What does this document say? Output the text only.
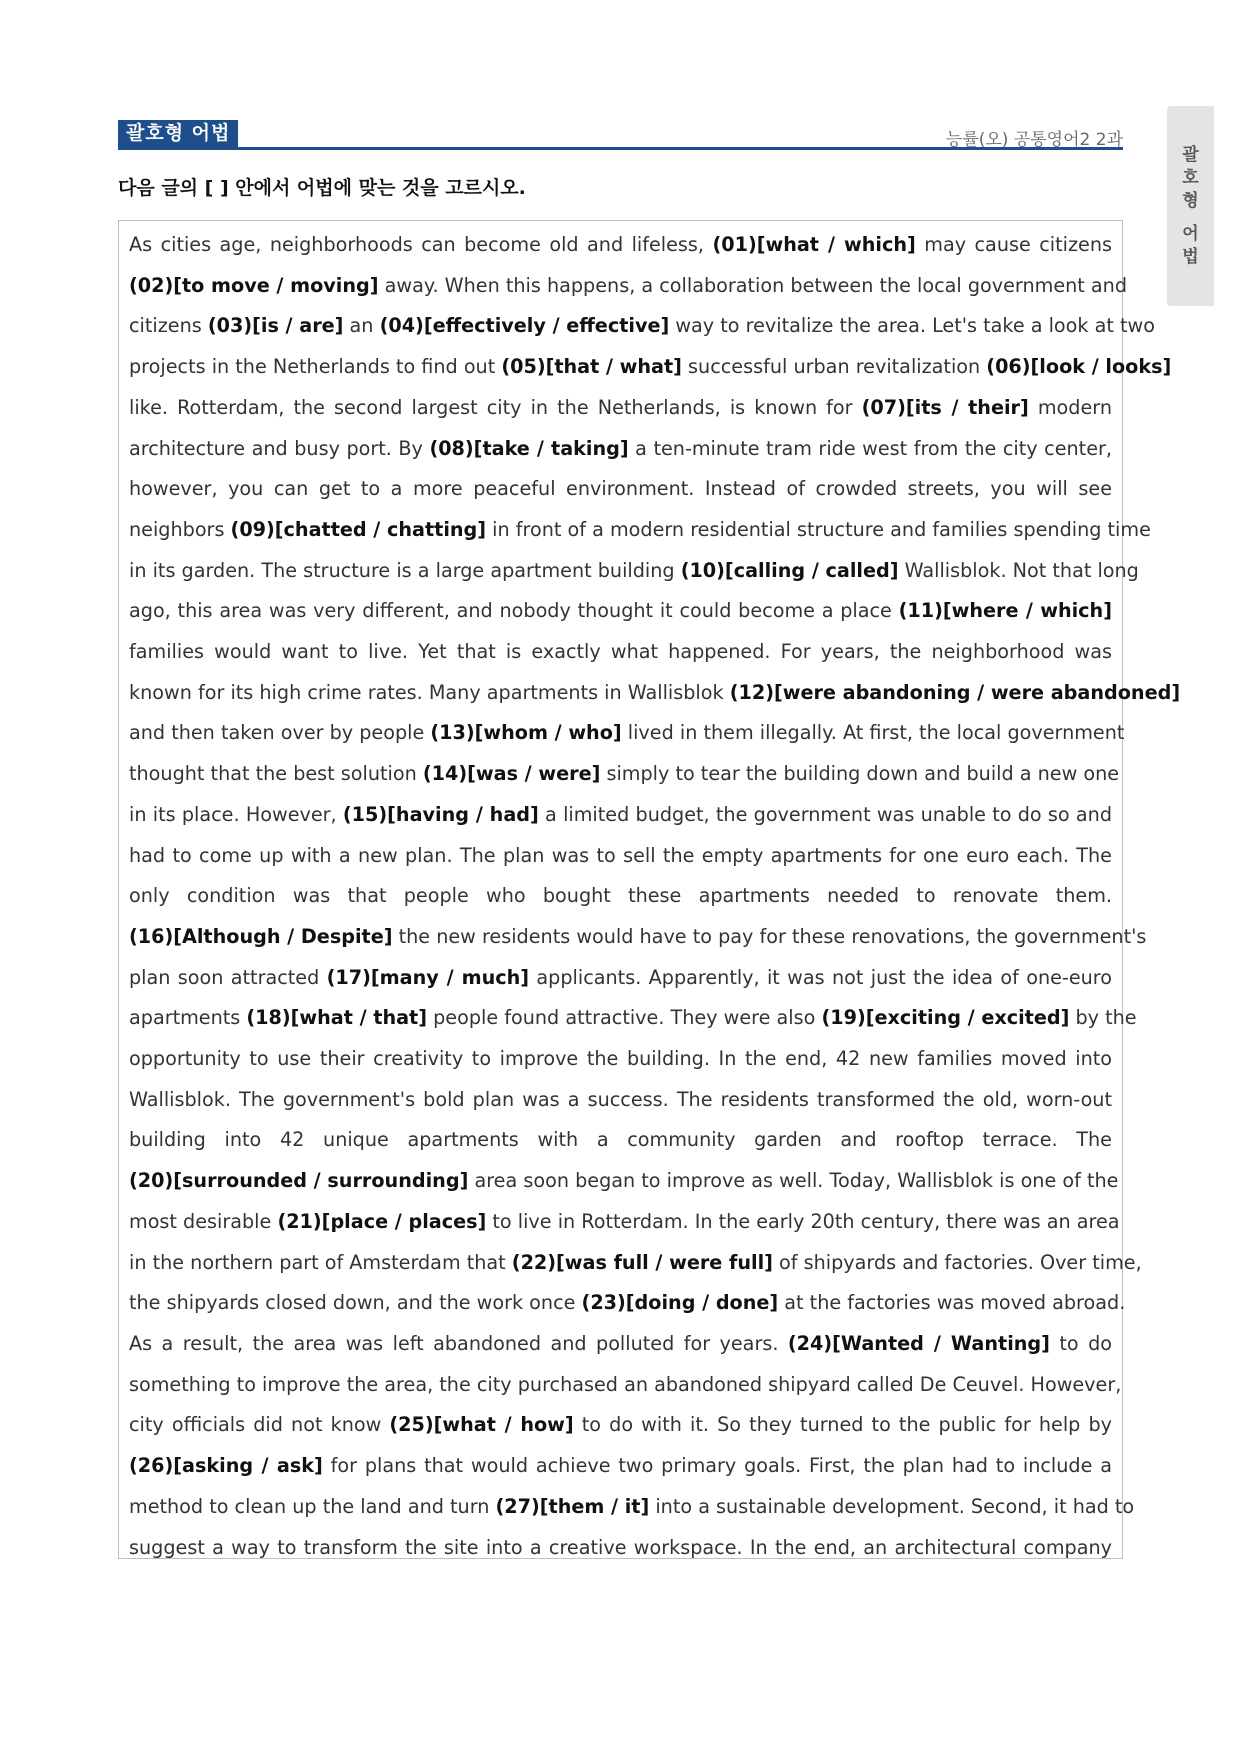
괄호형 어법	능률(오) 공통영어2 2과
괄
호
형
어
법
다음 글의 [ ] 안에서 어법에 맞는 것을 고르시오.
As cities age, neighborhoods can become old and lifeless, (01)[what / which] may cause citizens
(02)[to move / moving] away. When this happens, a collaboration between the local government and
citizens (03)[is / are] an (04)[effectively / effective] way to revitalize the area. Let's take a look at two
projects in the Netherlands to find out (05)[that / what] successful urban revitalization (06)[look / looks]
like. Rotterdam, the second largest city in the Netherlands, is known for (07)[its / their] modern
architecture and busy port. By (08)[take / taking] a ten-minute tram ride west from the city center,
however, you can get to a more peaceful environment. Instead of crowded streets, you will see
neighbors (09)[chatted / chatting] in front of a modern residential structure and families spending time
in its garden. The structure is a large apartment building (10)[calling / called] Wallisblok. Not that long
ago, this area was very different, and nobody thought it could become a place (11)[where / which]
families would want to live. Yet that is exactly what happened. For years, the neighborhood was
known for its high crime rates. Many apartments in Wallisblok (12)[were abandoning / were abandoned]
and then taken over by people (13)[whom / who] lived in them illegally. At first, the local government
thought that the best solution (14)[was / were] simply to tear the building down and build a new one
in its place. However, (15)[having / had] a limited budget, the government was unable to do so and
had to come up with a new plan. The plan was to sell the empty apartments for one euro each. The
only condition was that people who bought these apartments needed to renovate them.
(16)[Although / Despite] the new residents would have to pay for these renovations, the government's
plan soon attracted (17)[many / much] applicants. Apparently, it was not just the idea of one-euro
apartments (18)[what / that] people found attractive. They were also (19)[exciting / excited] by the
opportunity to use their creativity to improve the building. In the end, 42 new families moved into
Wallisblok. The government's bold plan was a success. The residents transformed the old, worn-out
building into 42 unique apartments with a community garden and rooftop terrace. The
(20)[surrounded / surrounding] area soon began to improve as well. Today, Wallisblok is one of the
most desirable (21)[place / places] to live in Rotterdam. In the early 20th century, there was an area
in the northern part of Amsterdam that (22)[was full / were full] of shipyards and factories. Over time,
the shipyards closed down, and the work once (23)[doing / done] at the factories was moved abroad.
As a result, the area was left abandoned and polluted for years. (24)[Wanted / Wanting] to do
something to improve the area, the city purchased an abandoned shipyard called De Ceuvel. However,
city officials did not know (25)[what / how] to do with it. So they turned to the public for help by
(26)[asking / ask] for plans that would achieve two primary goals. First, the plan had to include a
method to clean up the land and turn (27)[them / it] into a sustainable development. Second, it had to
suggest a way to transform the site into a creative workspace. In the end, an architectural company
